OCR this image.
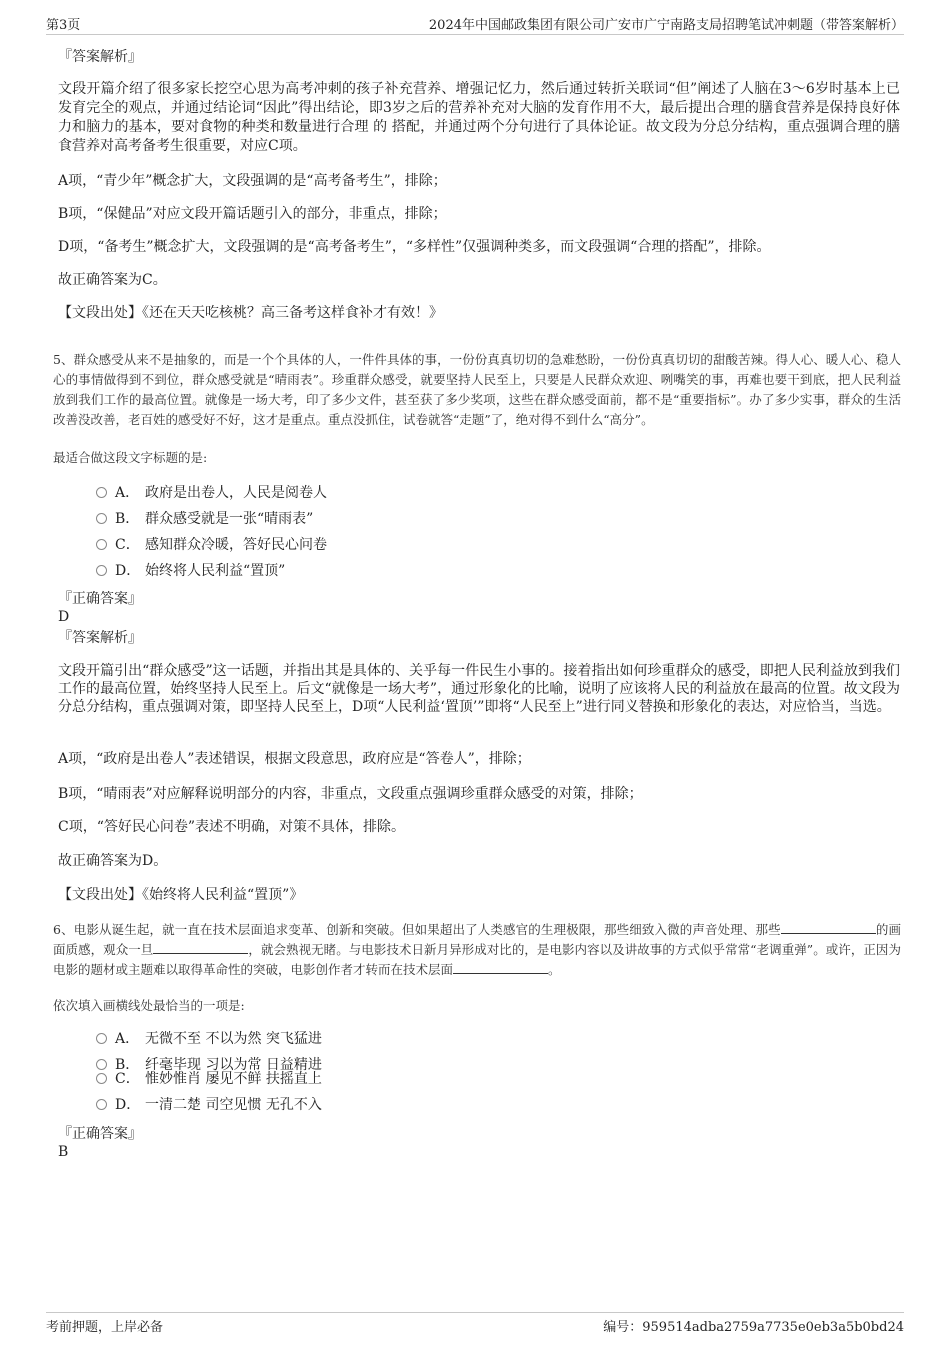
第3页	2024年中国邮政集团有限公司广安市广宁南路支局招聘笔试冲刺题（带答案解析）

『答案解析』

文段开篇介绍了很多家长挖空心思为高考冲刺的孩子补充营养、增强记忆力，然后通过转折关联词“但”阐述了人脑在3～6岁时基本上已发育完全的观点，并通过结论词“因此”得出结论，即3岁之后的营养补充对大脑的发育作用不大，最后提出合理的膳食营养是保持良好体力和脑力的基本，要对食物的种类和数量进行合理 的 搭配，并通过两个分句进行了具体论证。故文段为分总分结构，重点强调合理的膳食营养对高考备考生很重要，对应C项。

A项，“青少年”概念扩大，文段强调的是“高考备考生”，排除；

B项，“保健品”对应文段开篇话题引入的部分，非重点，排除；

D项，“备考生”概念扩大，文段强调的是“高考备考生”，“多样性”仅强调种类多，而文段强调“合理的搭配”，排除。

故正确答案为C。

【文段出处】《还在天天吃核桃？高三备考这样食补才有效！》

5、群众感受从来不是抽象的，而是一个个具体的人，一件件具体的事，一份份真真切切的急难愁盼，一份份真真切切的甜酸苦辣。得人心、暖人心、稳人心的事情做得到不到位，群众感受就是“晴雨表”。珍重群众感受，就要坚持人民至上，只要是人民群众欢迎、咧嘴笑的事，再难也要干到底，把人民利益放到我们工作的最高位置。就像是一场大考，印了多少文件，甚至获了多少奖项，这些在群众感受面前，都不是“重要指标”。办了多少实事，群众的生活改善没改善，老百姓的感受好不好，这才是重点。重点没抓住，试卷就答“走题”了，绝对得不到什么“高分”。

最适合做这段文字标题的是:

A． 政府是出卷人，人民是阅卷人
B． 群众感受就是一张“晴雨表”
C． 感知群众冷暖，答好民心问卷
D． 始终将人民利益“置顶”

『正确答案』

D

『答案解析』

文段开篇引出“群众感受”这一话题，并指出其是具体的、关乎每一件民生小事的。接着指出如何珍重群众的感受，即把人民利益放到我们工作的最高位置，始终坚持人民至上。后文“就像是一场大考”，通过形象化的比喻，说明了应该将人民的利益放在最高的位置。故文段为分总分结构，重点强调对策，即坚持人民至上，D项“人民利益‘置顶’”即将“人民至上”进行同义替换和形象化的表达，对应恰当，当选。

A项，“政府是出卷人”表述错误，根据文段意思，政府应是“答卷人”，排除；

B项，“晴雨表”对应解释说明部分的内容，非重点，文段重点强调珍重群众感受的对策，排除；

C项，“答好民心问卷”表述不明确，对策不具体，排除。

故正确答案为D。

【文段出处】《始终将人民利益“置顶”》

6、电影从诞生起，就一直在技术层面追求变革、创新和突破。但如果超出了人类感官的生理极限，那些细致入微的声音处理、那些	的画面质感，观众一旦	，就会熟视无睹。与电影技术日新月异形成对比的，是电影内容以及讲故事的方式似乎常常“老调重弹”。或许，正因为电影的题材或主题难以取得革命性的突破，电影创作者才转而在技术层面	。

依次填入画横线处最恰当的一项是:

A． 无微不至 不以为然 突飞猛进
B． 纤毫毕现 习以为常 日益精进
C． 惟妙惟肖 屡见不鲜 扶摇直上
D． 一清二楚 司空见惯 无孔不入

『正确答案』

B

考前押题，上岸必备	编号：959514adba2759a7735e0eb3a5b0bd24
